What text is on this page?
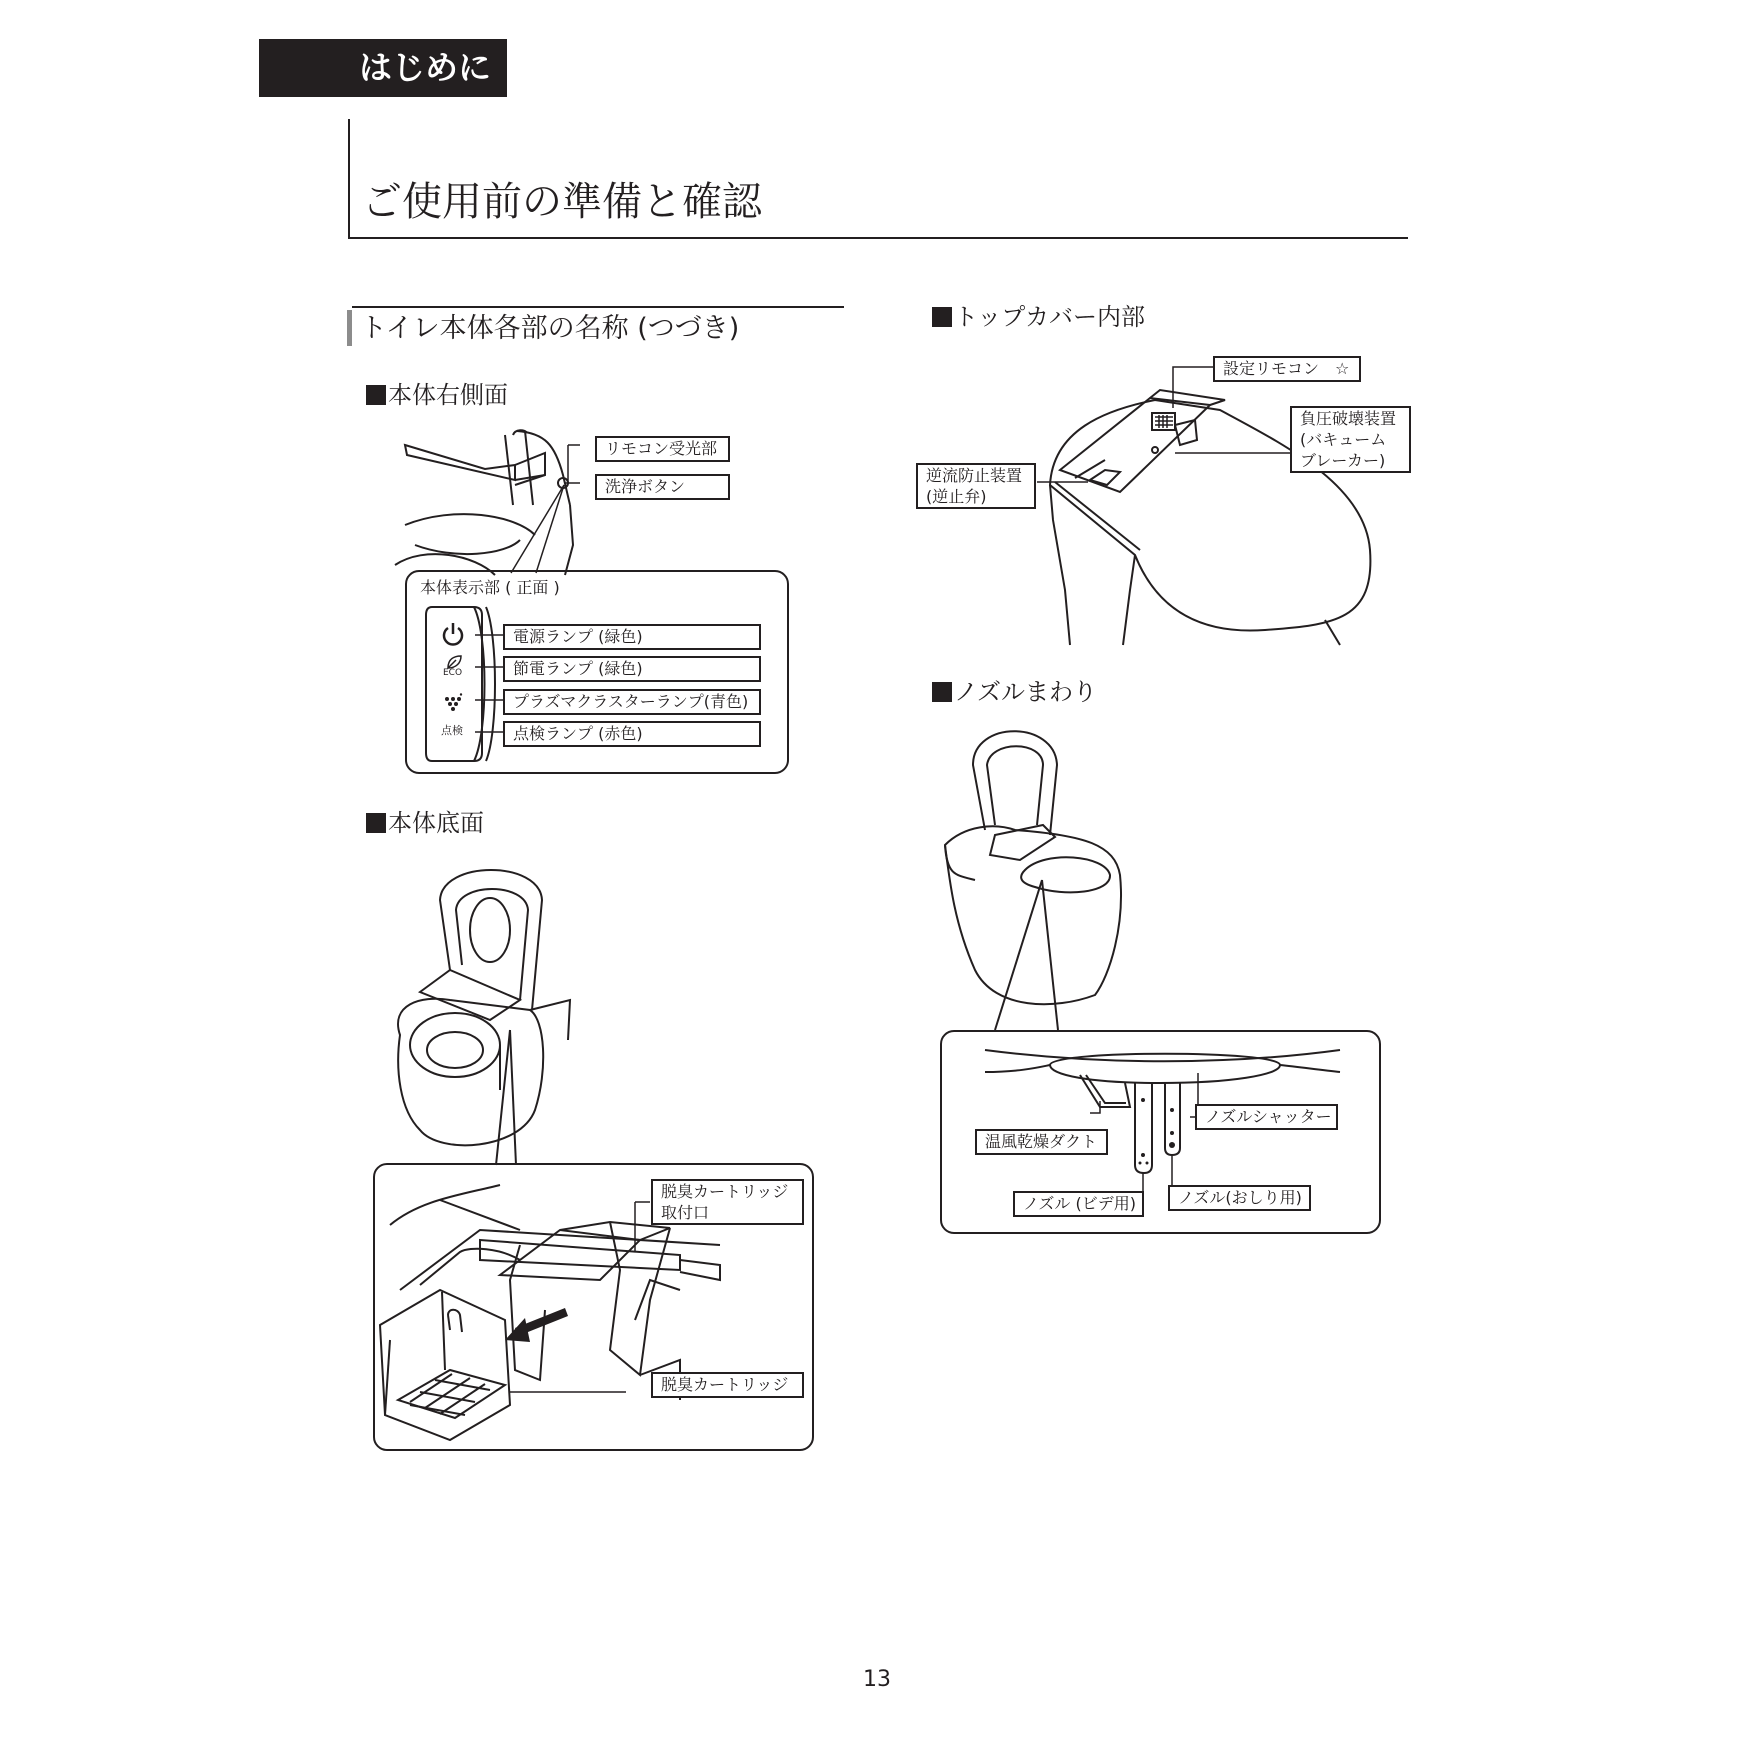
はじめに
ご使用前の準備と確認
トイレ本体各部の名称 (つづき)
本体右側面
リモコン受光部
洗浄ボタン
本体表示部 ( 正面 )
ECO
点検
電源ランプ (緑色)
節電ランプ (緑色)
プラズマクラスターランプ(青色)
点検ランプ (赤色)
本体底面
脱臭カートリッジ
取付口
脱臭カートリッジ
トップカバー内部
設定リモコン　☆
負圧破壊装置
(バキューム
ブレーカー)
逆流防止装置
(逆止弁)
ノズルまわり
ノズルシャッター
温風乾燥ダクト
ノズル (ビデ用)	ノズル(おしり用)
13
